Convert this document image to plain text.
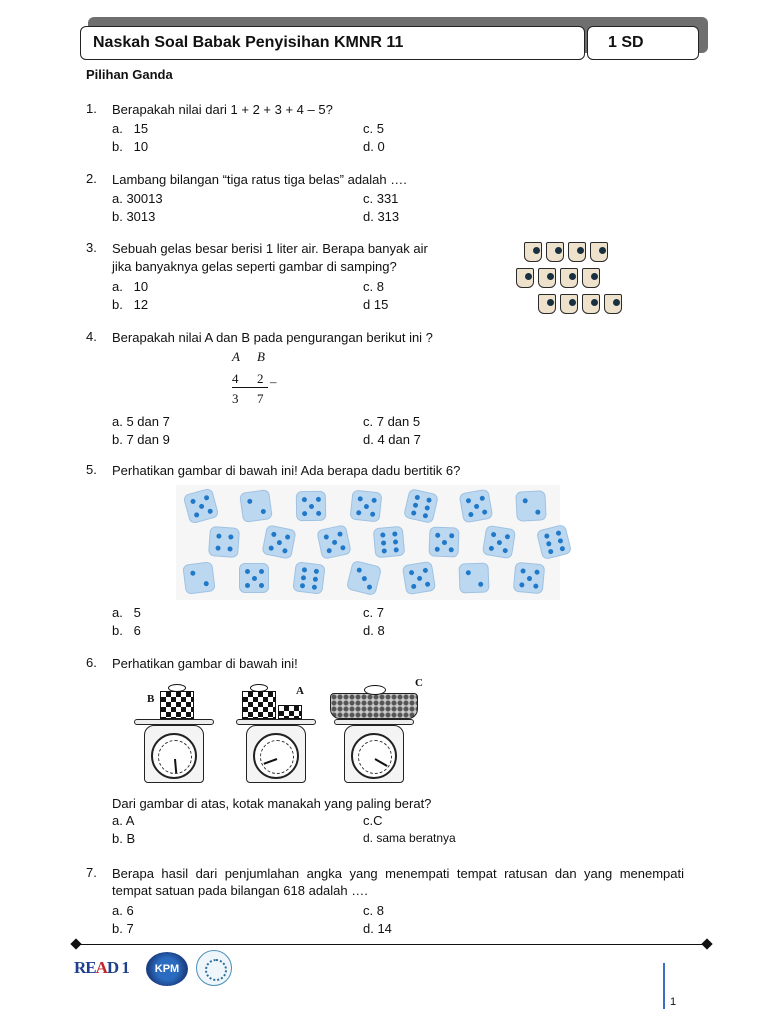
Naskah Soal Babak Penyisihan KMNR 11	1 SD
Pilihan Ganda
1. Berapakah nilai dari 1 + 2 + 3 + 4 – 5?
a.   15	c. 5
b.   10	d. 0
2. Lambang bilangan “tiga ratus tiga belas” adalah ….
a. 30013	c. 331
b. 3013	d. 313
3. Sebuah gelas besar berisi 1 liter air. Berapa banyak air
jika banyaknya gelas seperti gambar di samping?
a.   10	c. 8
b.   12	d 15
4. Berapakah nilai A dan B pada pengurangan berikut ini ?
a. 5 dan 7	c. 7 dan 5
b. 7 dan 9	d. 4 dan 7
A B
4 2 –
3 7
5. Perhatikan gambar di bawah ini! Ada berapa dadu bertitik 6?
a.   5	c. 7
b.   6	d. 8
6. Perhatikan gambar di bawah ini!
Dari gambar di atas, kotak manakah yang paling berat?
a. A	c.C
b. B	d. sama beratnya
B
A
C
7. Berapa hasil dari penjumlahan angka yang menempati tempat ratusan dan yang menempati tempat satuan pada bilangan 618 adalah ….
a. 6	c. 8
b. 7	d. 14
READ 1	KPM
1
